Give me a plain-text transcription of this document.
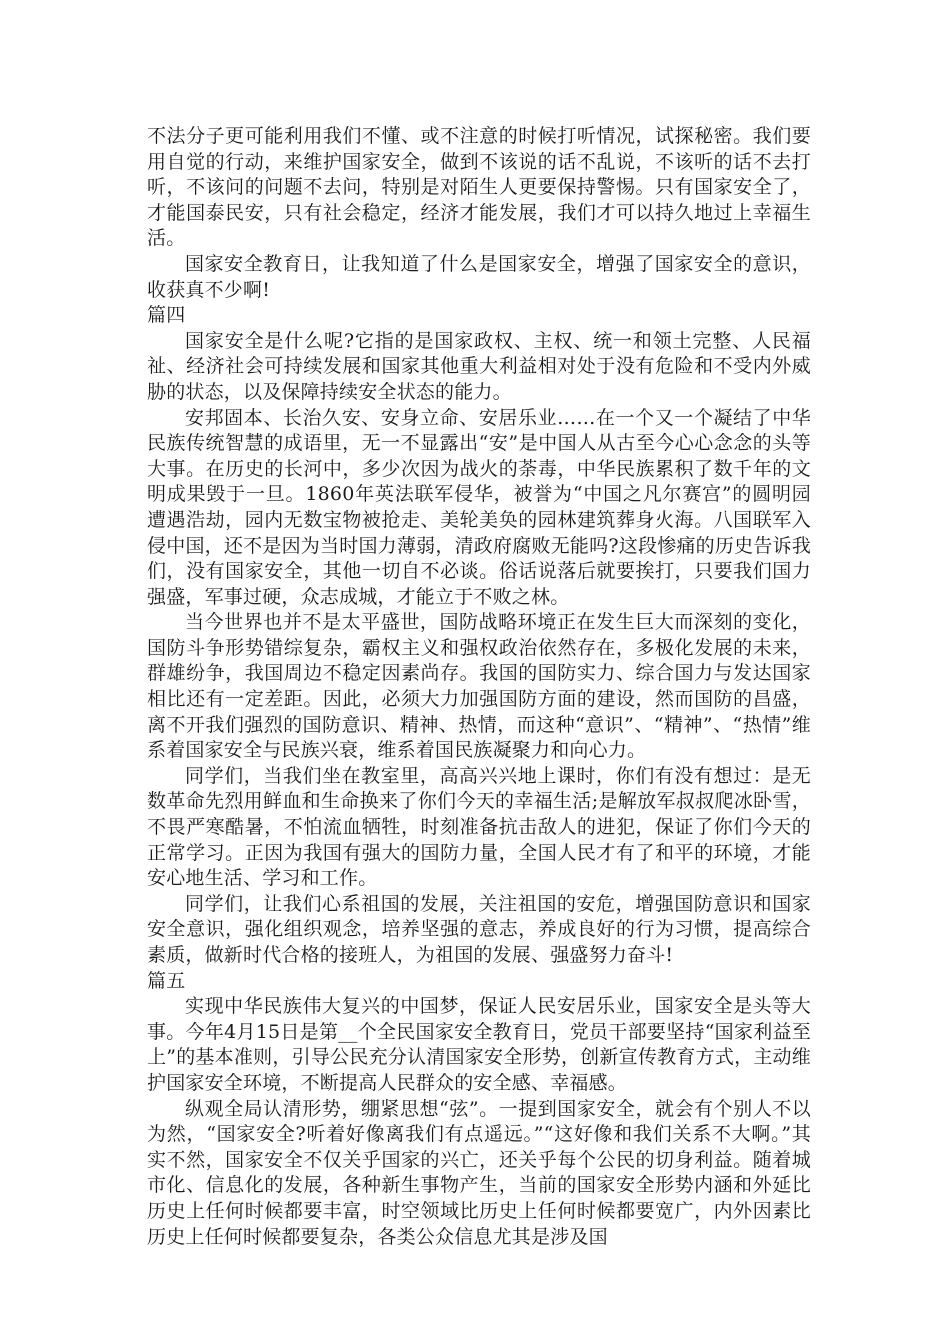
不法分子更可能利用我们不懂、或不注意的时候打听情况，试探秘密。我们要用自觉的行动，来维护国家安全，做到不该说的话不乱说，不该听的话不去打听，不该问的问题不去问，特别是对陌生人更要保持警惕。只有国家安全了，才能国泰民安，只有社会稳定，经济才能发展，我们才可以持久地过上幸福生活。

国家安全教育日，让我知道了什么是国家安全，增强了国家安全的意识，收获真不少啊!

篇四

国家安全是什么呢?它指的是国家政权、主权、统一和领土完整、人民福祉、经济社会可持续发展和国家其他重大利益相对处于没有危险和不受内外威胁的状态，以及保障持续安全状态的能力。

安邦固本、长治久安、安身立命、安居乐业……在一个又一个凝结了中华民族传统智慧的成语里，无一不显露出“安”是中国人从古至今心心念念的头等大事。在历史的长河中，多少次因为战火的荼毒，中华民族累积了数千年的文明成果毁于一旦。1860年英法联军侵华，被誉为“中国之凡尔赛宫”的圆明园遭遇浩劫，园内无数宝物被抢走、美轮美奂的园林建筑葬身火海。八国联军入侵中国，还不是因为当时国力薄弱，清政府腐败无能吗?这段惨痛的历史告诉我们，没有国家安全，其他一切自不必谈。俗话说落后就要挨打，只要我们国力强盛，军事过硬，众志成城，才能立于不败之林。

当今世界也并不是太平盛世，国防战略环境正在发生巨大而深刻的变化，国防斗争形势错综复杂，霸权主义和强权政治依然存在，多极化发展的未来，群雄纷争，我国周边不稳定因素尚存。我国的国防实力、综合国力与发达国家相比还有一定差距。因此，必须大力加强国防方面的建设，然而国防的昌盛，离不开我们强烈的国防意识、精神、热情，而这种“意识”、“精神”、“热情”维系着国家安全与民族兴衰，维系着国民族凝聚力和向心力。

同学们，当我们坐在教室里，高高兴兴地上课时，你们有没有想过：是无数革命先烈用鲜血和生命换来了你们今天的幸福生活;是解放军叔叔爬冰卧雪，不畏严寒酷暑，不怕流血牺牲，时刻准备抗击敌人的进犯，保证了你们今天的正常学习。正因为我国有强大的国防力量，全国人民才有了和平的环境，才能安心地生活、学习和工作。

同学们，让我们心系祖国的发展，关注祖国的安危，增强国防意识和国家安全意识，强化组织观念，培养坚强的意志，养成良好的行为习惯，提高综合素质，做新时代合格的接班人，为祖国的发展、强盛努力奋斗!

篇五

实现中华民族伟大复兴的中国梦，保证人民安居乐业，国家安全是头等大事。今年4月15日是第__个全民国家安全教育日，党员干部要坚持“国家利益至上”的基本准则，引导公民充分认清国家安全形势，创新宣传教育方式，主动维护国家安全环境，不断提高人民群众的安全感、幸福感。

纵观全局认清形势，绷紧思想“弦”。一提到国家安全，就会有个别人不以为然，“国家安全?听着好像离我们有点遥远。”“这好像和我们关系不大啊。”其实不然，国家安全不仅关乎国家的兴亡，还关乎每个公民的切身利益。随着城市化、信息化的发展，各种新生事物产生，当前的国家安全形势内涵和外延比历史上任何时候都要丰富，时空领域比历史上任何时候都要宽广，内外因素比历史上任何时候都要复杂，各类公众信息尤其是涉及国
